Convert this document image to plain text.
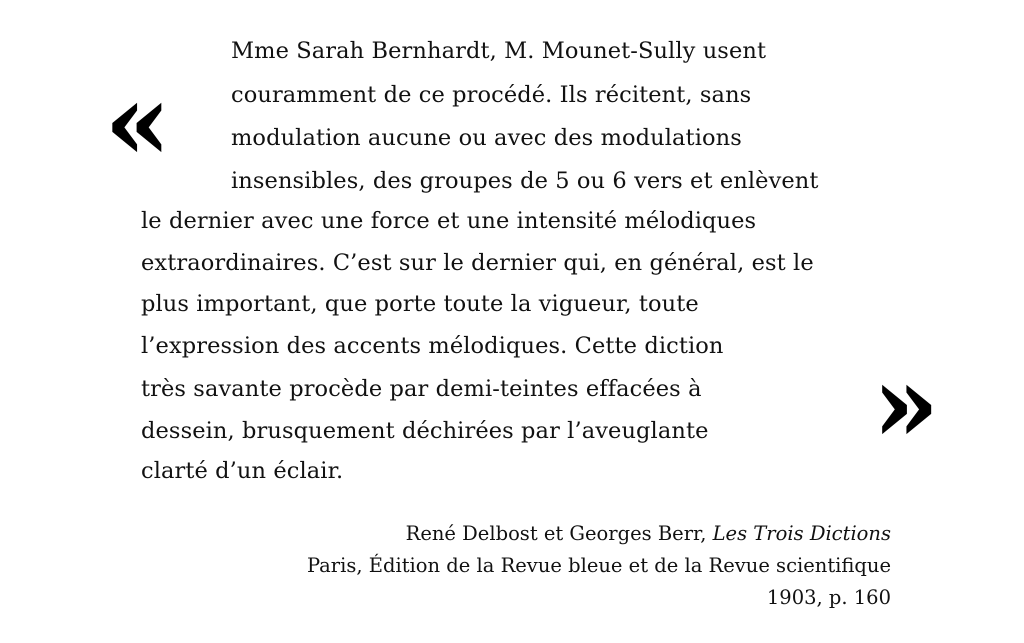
«
Mme Sarah Bernhardt, M. Mounet-Sully usent
couramment de ce procédé. Ils récitent, sans
modulation aucune ou avec des modulations
insensibles, des groupes de 5 ou 6 vers et enlèvent
le dernier avec une force et une intensité mélodiques
extraordinaires. C’est sur le dernier qui, en général, est le
plus important, que porte toute la vigueur, toute
l’expression des accents mélodiques. Cette diction
très savante procède par demi-teintes effacées à
dessein, brusquement déchirées par l’aveuglante
clarté d’un éclair.
»
René Delbost et Georges Berr, Les Trois Dictions
Paris, Édition de la Revue bleue et de la Revue scientifique
1903, p. 160
